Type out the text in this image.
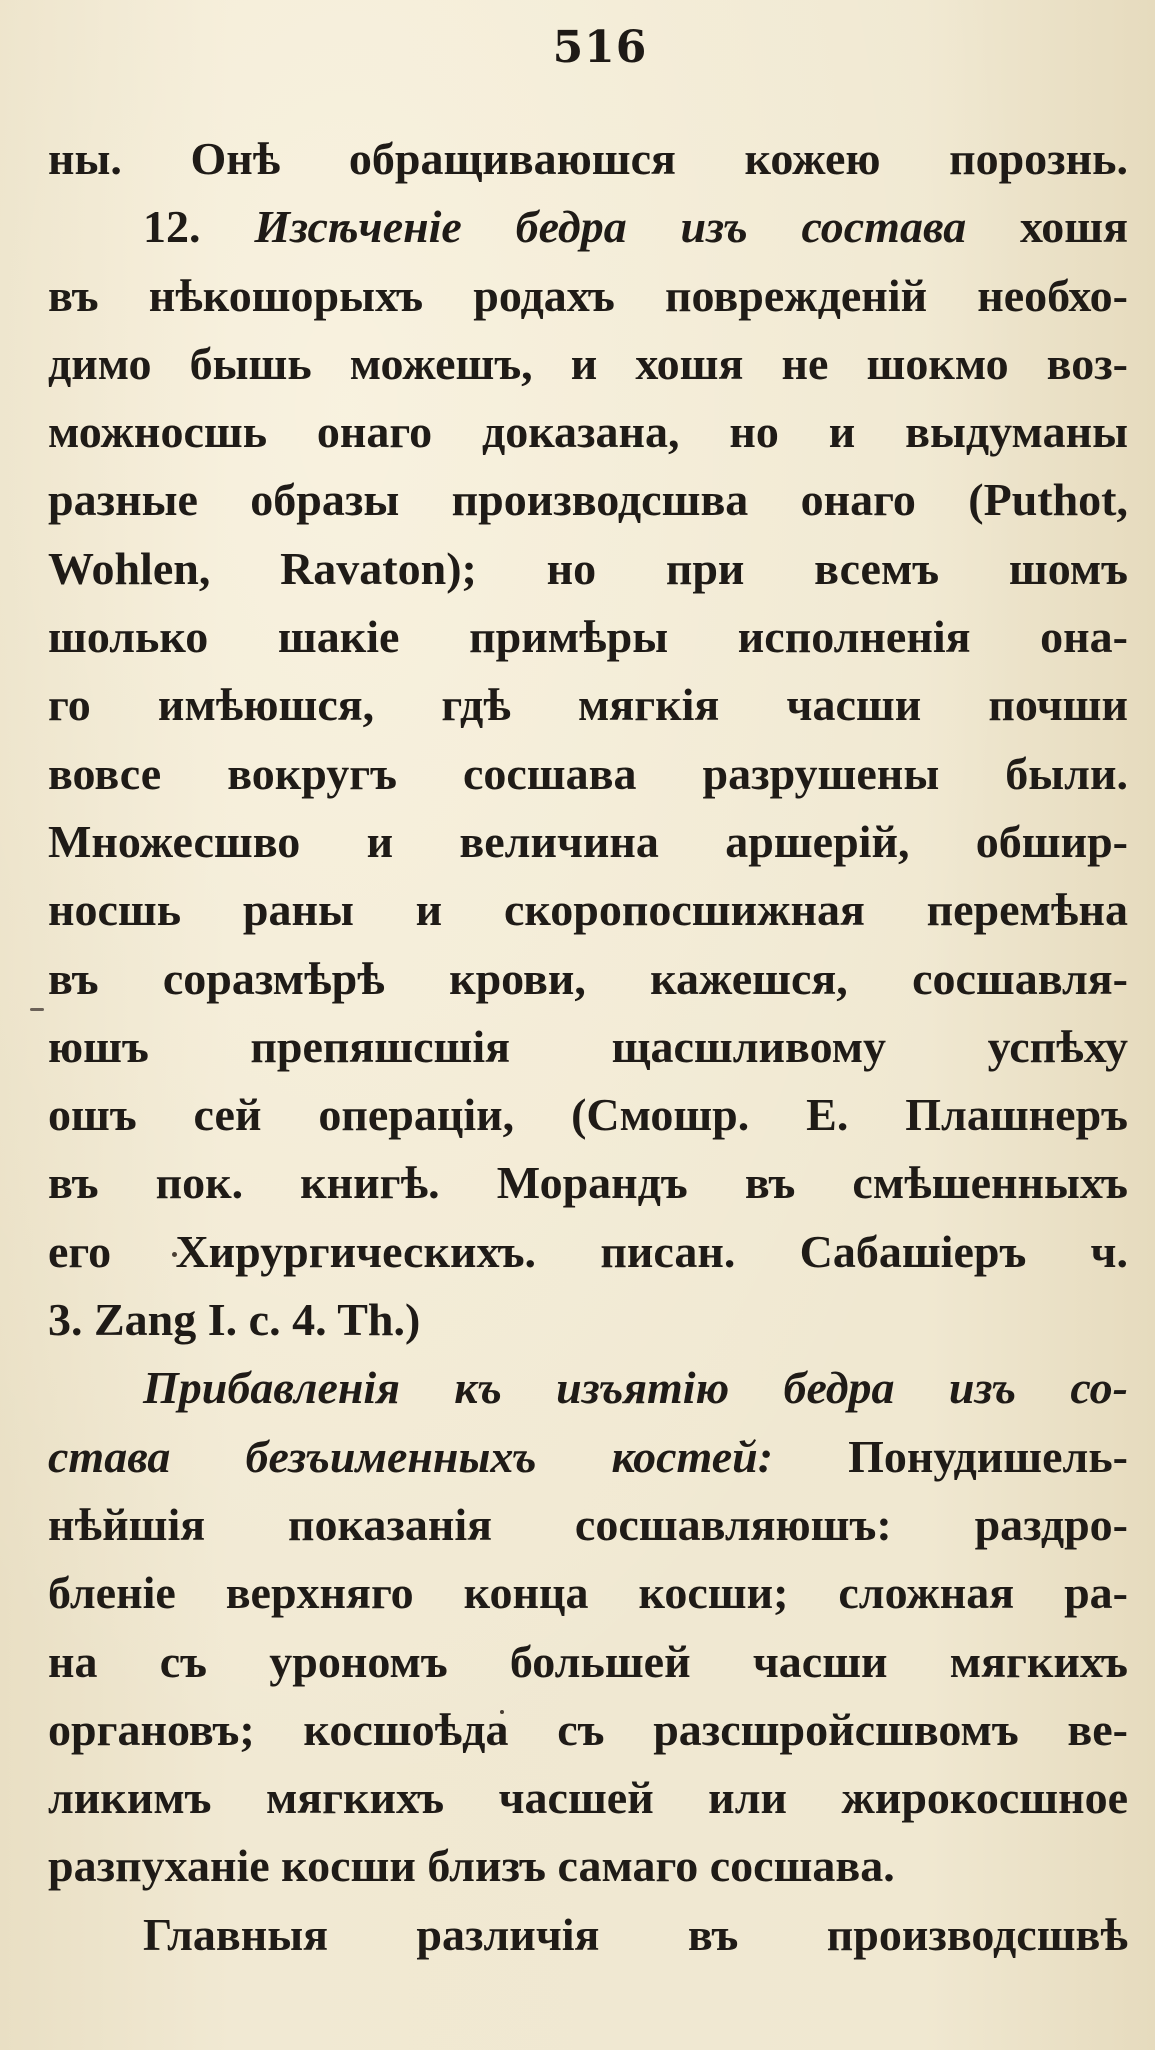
516
ны. Онѣ обращиваюшся кожею порознь.
12. Изсѣченіе бедра изъ состава хошя
въ нѣкошорыхъ родахъ поврежденій необхо-
димо бышь можешъ, и хошя не шокмо воз-
можносшь онаго доказана, но и выдуманы
разные образы производсшва онаго (Puthot,
Wohlen, Ravaton); но при всемъ шомъ
шолько шакіе примѣры исполненія она-
го имѣюшся, гдѣ мягкія часши почши
вовсе вокругъ сосшава разрушены были.
Множесшво и величина аршерій, обшир-
носшь раны и скоропосшижная перемѣна
въ соразмѣрѣ крови, кажешся, сосшавля-
юшъ препяшсшія щасшливому успѣху
ошъ сей операціи, (Смошр. Е. Плашнеръ
въ пок. книгѣ. Морандъ въ смѣшенныхъ
его Хирургическихъ. писан. Сабашіеръ ч.
3. Zang I. c. 4. Th.)
Прибавленія къ изъятію бедра изъ со-
става безъименныхъ костей: Понудишель-
нѣйшія показанія сосшавляюшъ: раздро-
бленіе верхняго конца косши; сложная ра-
на съ урономъ большей часши мягкихъ
органовъ; косшоѣда съ разсшройсшвомъ ве-
ликимъ мягкихъ часшей или жирокосшное
разпуханіе косши близъ самаго сосшава.
Главныя различія въ производсшвѣ
